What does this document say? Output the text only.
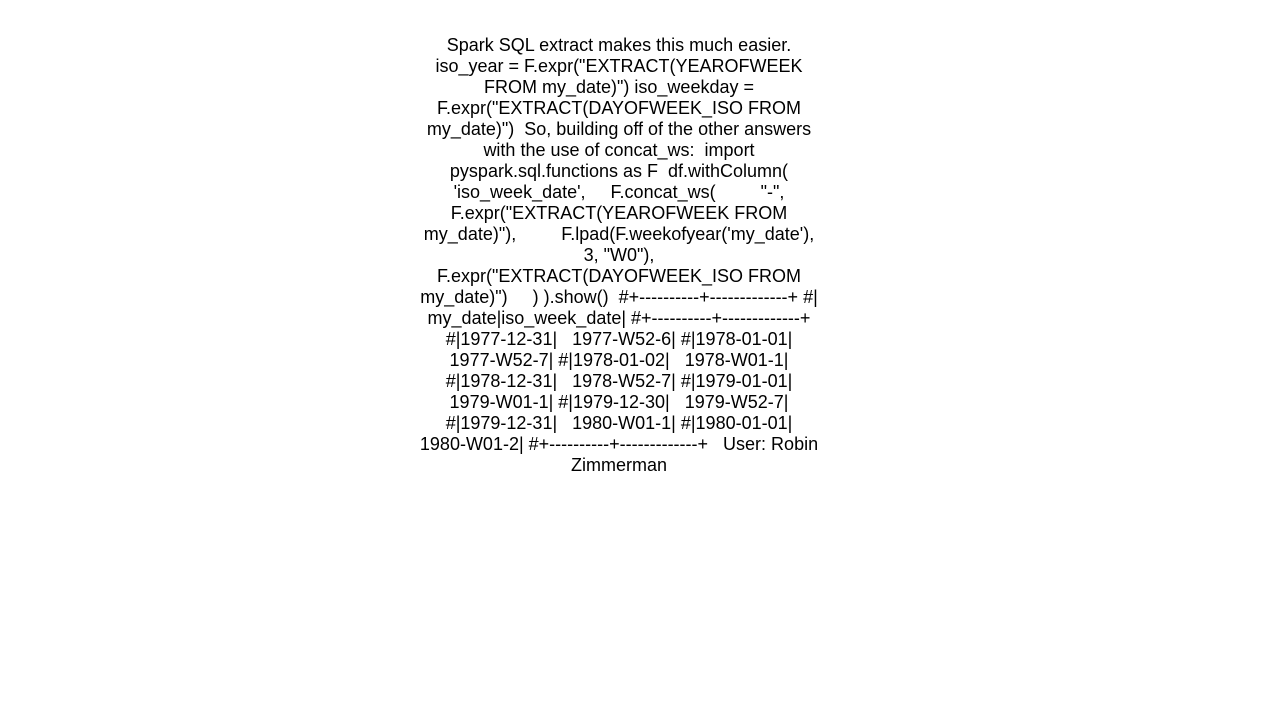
Spark SQL extract makes this much easier.  iso_year = F.expr("EXTRACT(YEAROFWEEK FROM my_date)") iso_weekday = F.expr("EXTRACT(DAYOFWEEK_ISO FROM my_date)")  So, building off of the other answers with the use of concat_ws:  import pyspark.sql.functions as F  df.withColumn(     'iso_week_date',     F.concat_ws(         "-",         F.expr("EXTRACT(YEAROFWEEK FROM my_date)"),         F.lpad(F.weekofyear('my_date'), 3, "W0"),         F.expr("EXTRACT(DAYOFWEEK_ISO FROM my_date)")     ) ).show()  #+----------+-------------+ #|   my_date|iso_week_date| #+----------+-------------+ #|1977-12-31|   1977-W52-6| #|1978-01-01|   1977-W52-7| #|1978-01-02|   1978-W01-1| #|1978-12-31|   1978-W52-7| #|1979-01-01|   1979-W01-1| #|1979-12-30|   1979-W52-7| #|1979-12-31|   1980-W01-1| #|1980-01-01|   1980-W01-2| #+----------+-------------+   User: Robin Zimmerman
